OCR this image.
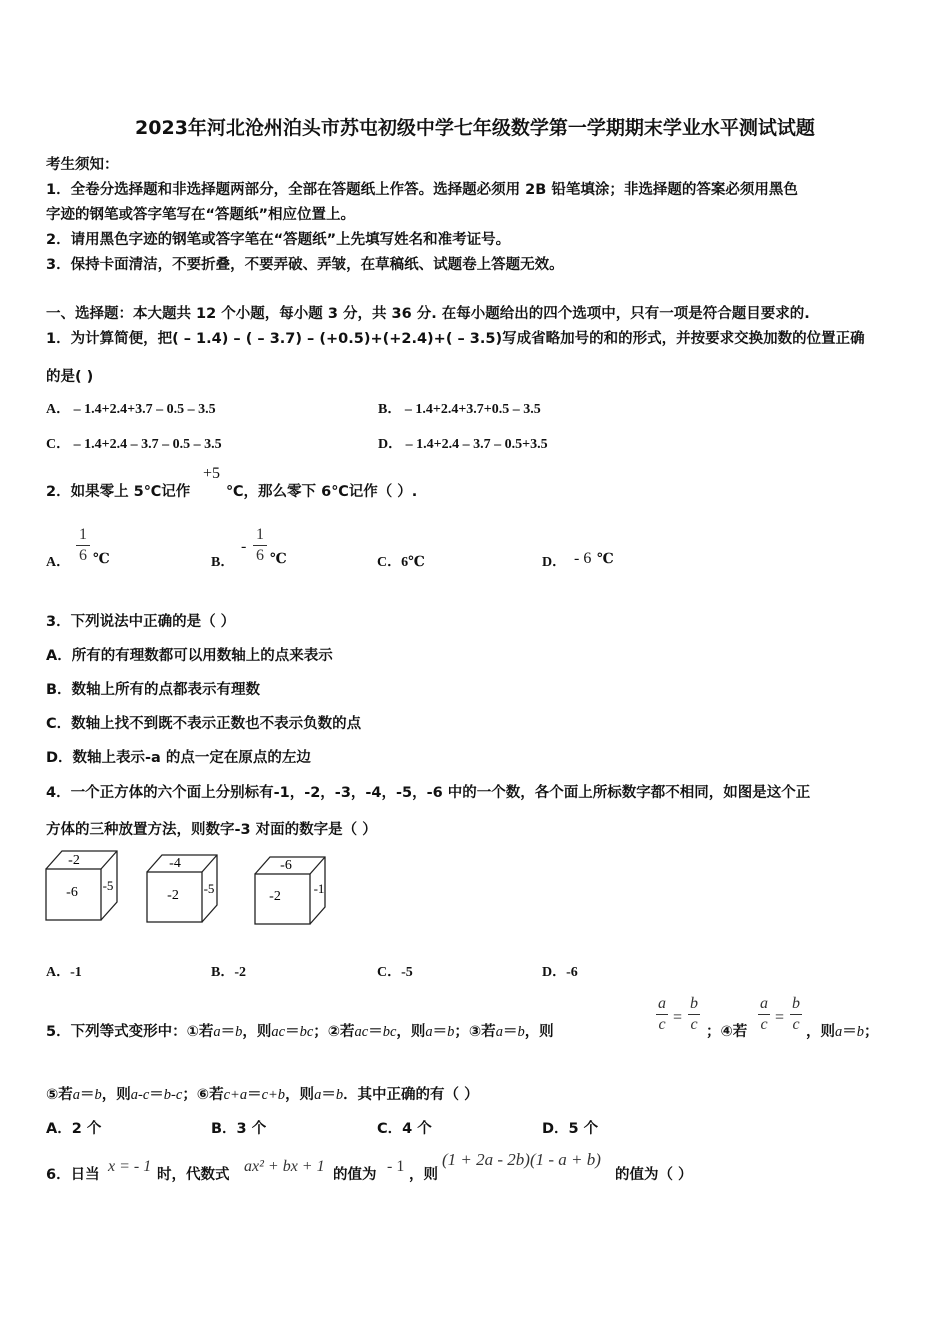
2023年河北沧州泊头市苏屯初级中学七年级数学第一学期期末学业水平测试试题
考生须知：
1．全卷分选择题和非选择题两部分，全部在答题纸上作答。选择题必须用 2B 铅笔填涂；非选择题的答案必须用黑色
字迹的钢笔或答字笔写在“答题纸”相应位置上。
2．请用黑色字迹的钢笔或答字笔在“答题纸”上先填写姓名和准考证号。
3．保持卡面清洁，不要折叠，不要弄破、弄皱，在草稿纸、试题卷上答题无效。
一、选择题：本大题共 12 个小题，每小题 3 分，共 36 分. 在每小题给出的四个选项中，只有一项是符合题目要求的.
1．为计算简便，把( – 1.4) – ( – 3.7) – (+0.5)+(+2.4)+( – 3.5)写成省略加号的和的形式，并按要求交换加数的位置正确
的是( )
A． – 1.4+2.4+3.7 – 0.5 – 3.5	B． – 1.4+2.4+3.7+0.5 – 3.5
C． – 1.4+2.4 – 3.7 – 0.5 – 3.5	D． – 1.4+2.4 – 3.7 – 0.5+3.5
2．如果零上 5℃记作
+5
℃，那么零下 6℃记作（ ）.
A．
1
6 ℃	B．
-
1
6 ℃	C．6℃	D． - 6 ℃
3．下列说法中正确的是（ ）
A．所有的有理数都可以用数轴上的点来表示
B．数轴上所有的点都表示有理数
C．数轴上找不到既不表示正数也不表示负数的点
D．数轴上表示-a 的点一定在原点的左边
4．一个正方体的六个面上分别标有-1，-2，-3，-4，-5，-6 中的一个数，各个面上所标数字都不相同，如图是这个正
方体的三种放置方法，则数字-3 对面的数字是（ ）
-2
-6 -5
-4
-2 -5
-6
-2
-1
A．-1	B．-2	C．-5	D．-6
5．下列等式变形中：①若a＝b，则ac＝bc；②若ac＝bc，则a＝b；③若a＝b，则
a
c =
b
c ；④若
a
c =
b
c ，则a＝b；
⑤若a＝b，则a-c＝b-c；⑥若c+a＝c+b，则a＝b．其中正确的有（ ）
A．2 个	B．3 个	C．4 个	D．5 个
6．日当 x = - 1 时，代数式 ax² + bx + 1 的值为 - 1 ，则
(1 + 2a - 2b)(1 - a + b)
的值为（ ）
